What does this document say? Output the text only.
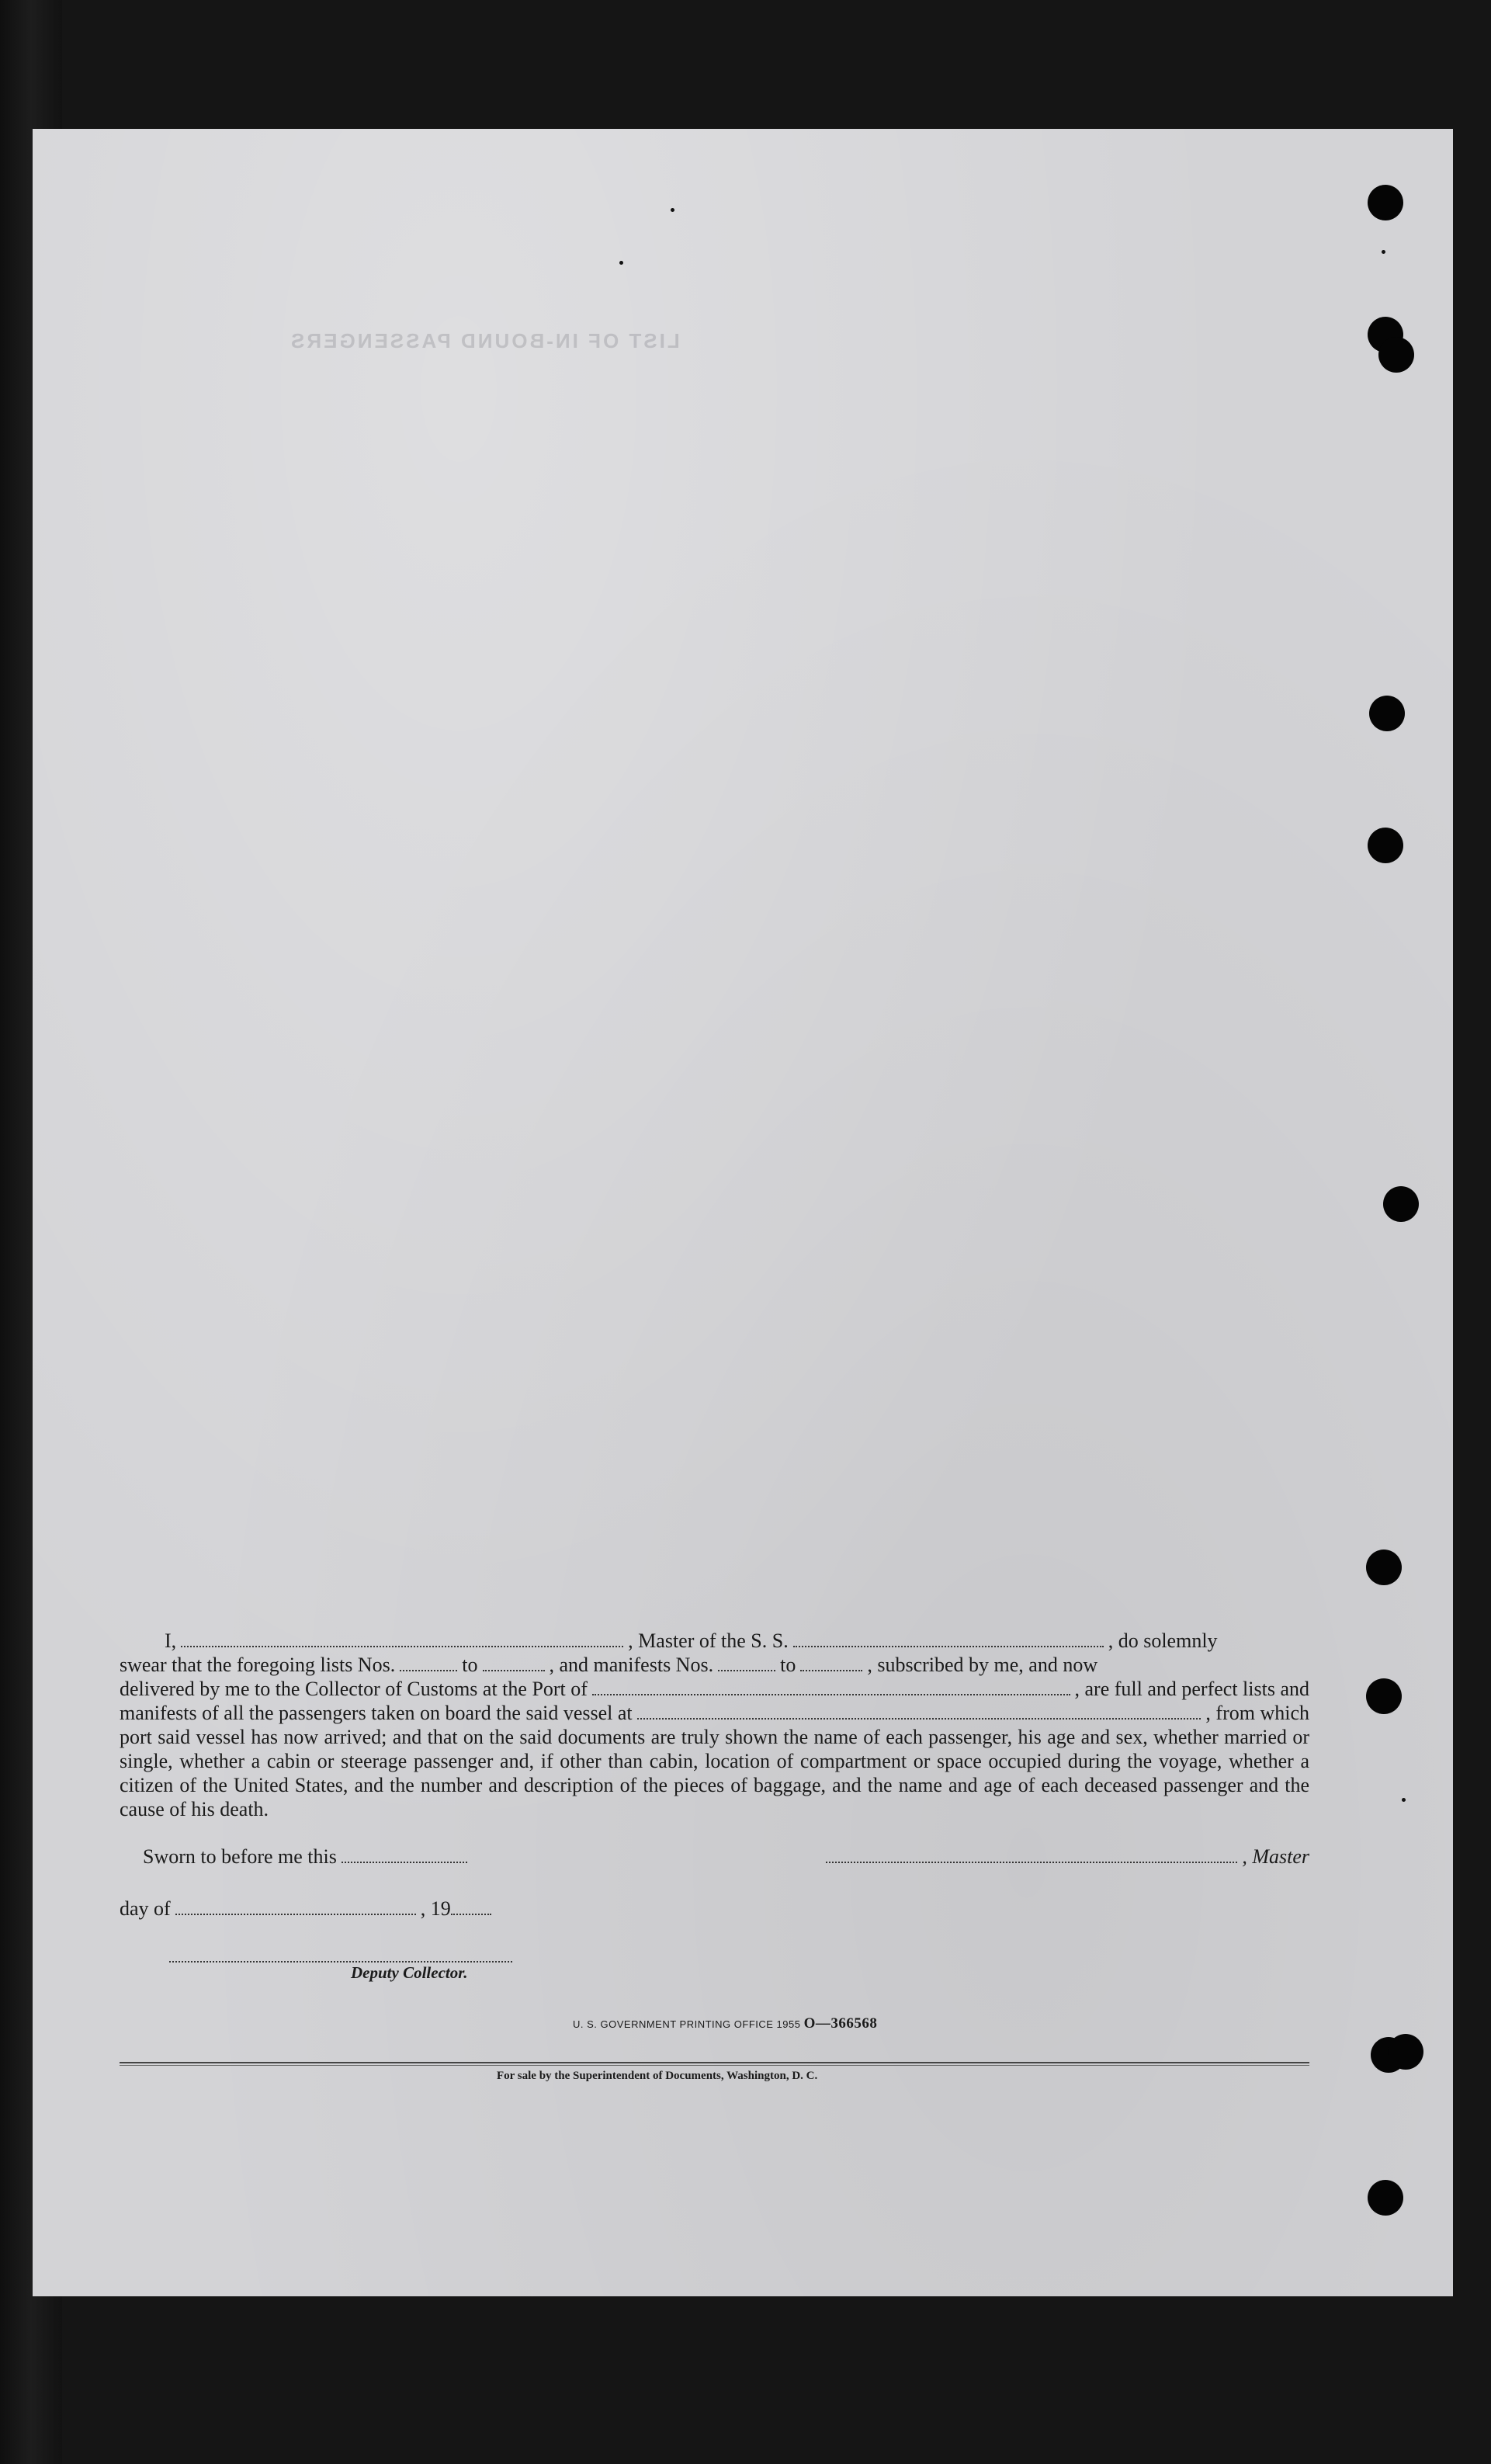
LIST OF IN-BOUND PASSENGERS
I,	, Master of the S. S.	, do solemnly
swear that the foregoing lists Nos.	to	, and manifests Nos.	to	, subscribed by me, and now
delivered by me to the Collector of Customs at the Port of	, are full and perfect lists and
manifests of all the passengers taken on board the said vessel at	, from which
port said vessel has now arrived; and that on the said documents are truly shown the name of each passenger, his age and sex, whether married or single, whether a cabin or steerage passenger and, if other than cabin, location of compartment or space occupied during the voyage, whether a citizen of the United States, and the number and description of the pieces of baggage, and the name and age of each deceased passenger and the cause of his death.
Sworn to before me this	, Master
day of	, 19
Deputy Collector.
U. S. GOVERNMENT PRINTING OFFICE 1955 O—366568
For sale by the Superintendent of Documents, Washington, D. C.
